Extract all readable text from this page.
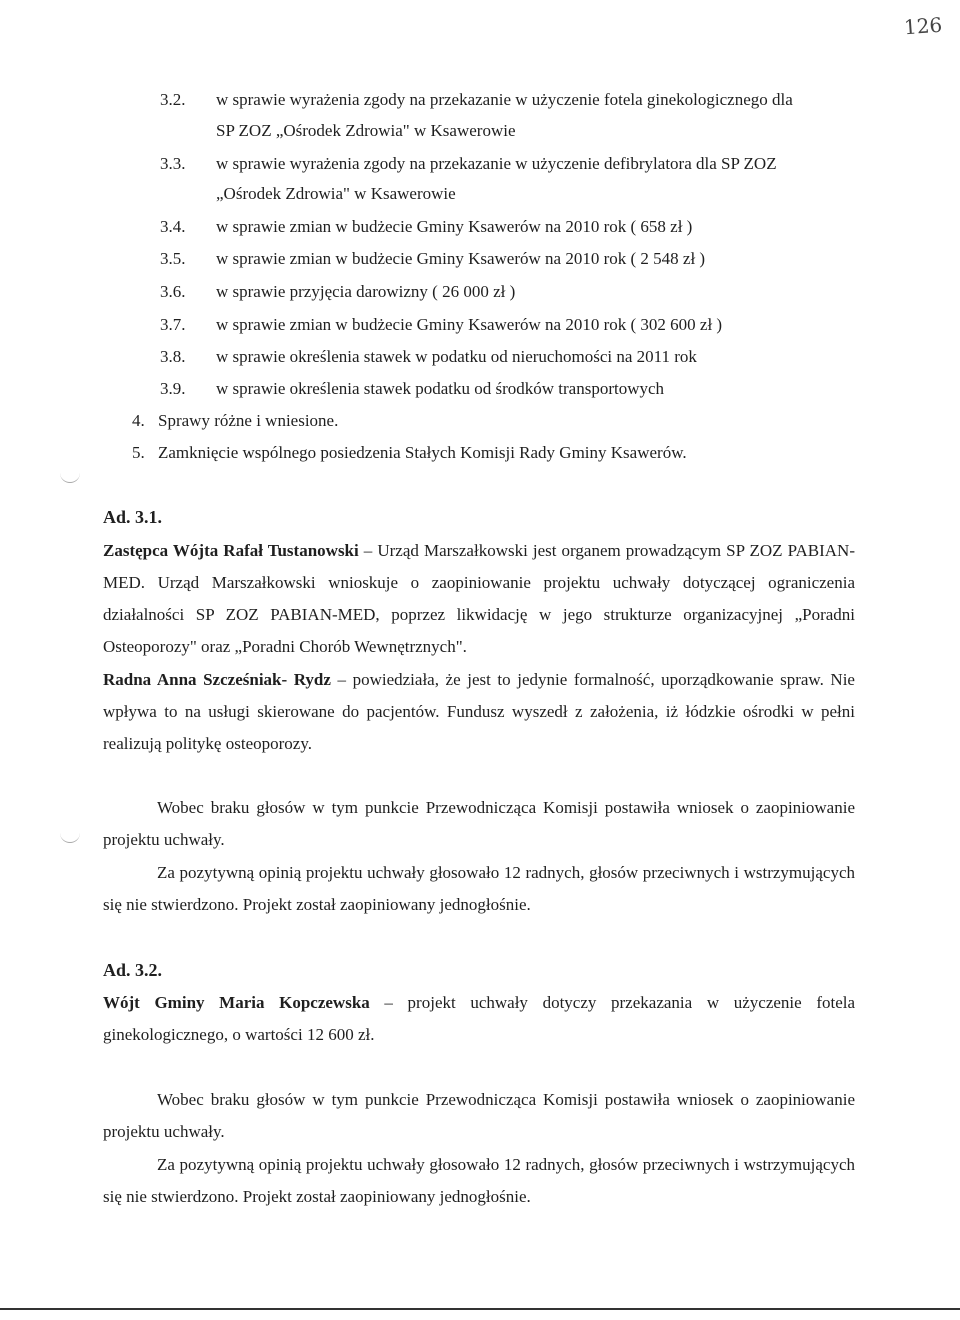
126
3.2. w sprawie wyrażenia zgody na przekazanie w użyczenie fotela ginekologicznego dla
SP ZOZ „Ośrodek Zdrowia" w Ksawerowie
3.3. w sprawie wyrażenia zgody na przekazanie w użyczenie defibrylatora dla SP ZOZ
„Ośrodek Zdrowia" w Ksawerowie
3.4. w sprawie zmian w budżecie Gminy Ksawerów na 2010 rok ( 658 zł )
3.5. w sprawie zmian w budżecie Gminy Ksawerów na 2010 rok ( 2 548 zł )
3.6. w sprawie przyjęcia darowizny ( 26 000 zł )
3.7. w sprawie zmian w budżecie Gminy Ksawerów na 2010 rok ( 302 600 zł )
3.8. w sprawie określenia stawek w podatku od nieruchomości na 2011 rok
3.9. w sprawie określenia stawek podatku od środków transportowych
4. Sprawy różne i wniesione.
5. Zamknięcie wspólnego posiedzenia Stałych Komisji Rady Gminy Ksawerów.
Ad. 3.1.
Zastępca Wójta Rafał Tustanowski – Urząd Marszałkowski jest organem prowadzącym SP ZOZ PABIAN-MED. Urząd Marszałkowski wnioskuje o zaopiniowanie projektu uchwały dotyczącej ograniczenia działalności SP ZOZ PABIAN-MED, poprzez likwidację w jego strukturze organizacyjnej „Poradni Osteoporozy" oraz „Poradni Chorób Wewnętrznych".
Radna Anna Szcześniak- Rydz – powiedziała, że jest to jedynie formalność, uporządkowanie spraw. Nie wpływa to na usługi skierowane do pacjentów. Fundusz wyszedł z założenia, iż łódzkie ośrodki w pełni realizują politykę osteoporozy.
Wobec braku głosów w tym punkcie Przewodnicząca Komisji postawiła wniosek o zaopiniowanie projektu uchwały.
Za pozytywną opinią projektu uchwały głosowało 12 radnych, głosów przeciwnych i wstrzymujących się nie stwierdzono. Projekt został zaopiniowany jednogłośnie.
Ad. 3.2.
Wójt Gminy Maria Kopczewska – projekt uchwały dotyczy przekazania w użyczenie fotela ginekologicznego, o wartości 12 600 zł.
Wobec braku głosów w tym punkcie Przewodnicząca Komisji postawiła wniosek o zaopiniowanie projektu uchwały.
Za pozytywną opinią projektu uchwały głosowało 12 radnych, głosów przeciwnych i wstrzymujących się nie stwierdzono. Projekt został zaopiniowany jednogłośnie.
